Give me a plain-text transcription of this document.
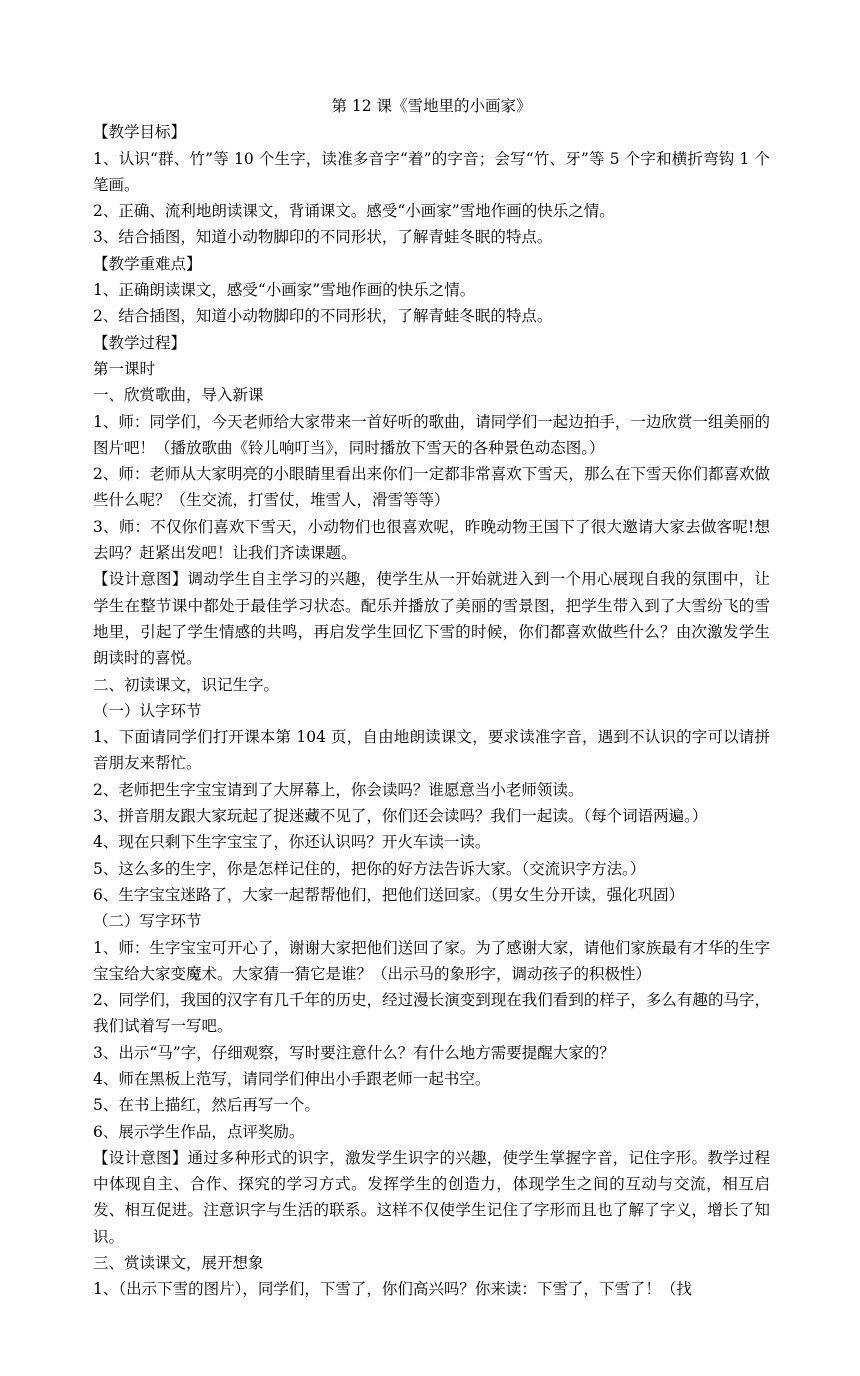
第 12 课《雪地里的小画家》

【教学目标】

1、认识“群、竹”等 10 个生字，读准多音字“着”的字音；会写“竹、牙”等 5 个字和横折弯钩 1 个笔画。

2、正确、流利地朗读课文，背诵课文。感受“小画家”雪地作画的快乐之情。

3、结合插图，知道小动物脚印的不同形状，了解青蛙冬眠的特点。

【教学重难点】

1、正确朗读课文，感受“小画家”雪地作画的快乐之情。

2、结合插图，知道小动物脚印的不同形状，了解青蛙冬眠的特点。

【教学过程】

第一课时

一、欣赏歌曲，导入新课

1、师：同学们，今天老师给大家带来一首好听的歌曲，请同学们一起边拍手，一边欣赏一组美丽的图片吧！（播放歌曲《铃儿响叮当》，同时播放下雪天的各种景色动态图。）

2、师：老师从大家明亮的小眼睛里看出来你们一定都非常喜欢下雪天，那么在下雪天你们都喜欢做些什么呢？（生交流，打雪仗，堆雪人，滑雪等等）

3、师：不仅你们喜欢下雪天，小动物们也很喜欢呢，昨晚动物王国下了很大邀请大家去做客呢!想去吗？赶紧出发吧！让我们齐读课题。

【设计意图】调动学生自主学习的兴趣，使学生从一开始就进入到一个用心展现自我的氛围中，让学生在整节课中都处于最佳学习状态。配乐并播放了美丽的雪景图，把学生带入到了大雪纷飞的雪地里，引起了学生情感的共鸣，再启发学生回忆下雪的时候，你们都喜欢做些什么？由次激发学生朗读时的喜悦。

二、初读课文，识记生字。

（一）认字环节

1、下面请同学们打开课本第 104 页，自由地朗读课文，要求读准字音，遇到不认识的字可以请拼音朋友来帮忙。

2、老师把生字宝宝请到了大屏幕上，你会读吗？谁愿意当小老师领读。

3、拼音朋友跟大家玩起了捉迷藏不见了，你们还会读吗？我们一起读。（每个词语两遍。）

4、现在只剩下生字宝宝了，你还认识吗？开火车读一读。

5、这么多的生字，你是怎样记住的，把你的好方法告诉大家。（交流识字方法。）

6、生字宝宝迷路了，大家一起帮帮他们，把他们送回家。（男女生分开读，强化巩固）

（二）写字环节

1、师：生字宝宝可开心了，谢谢大家把他们送回了家。为了感谢大家，请他们家族最有才华的生字宝宝给大家变魔术。大家猜一猜它是谁？（出示马的象形字，调动孩子的积极性）

2、同学们，我国的汉字有几千年的历史，经过漫长演变到现在我们看到的样子，多么有趣的马字，我们试着写一写吧。

3、出示“马”字，仔细观察，写时要注意什么？有什么地方需要提醒大家的？

4、师在黑板上范写，请同学们伸出小手跟老师一起书空。

5、在书上描红，然后再写一个。

6、展示学生作品，点评奖励。

【设计意图】通过多种形式的识字，激发学生识字的兴趣，使学生掌握字音，记住字形。教学过程中体现自主、合作、探究的学习方式。发挥学生的创造力，体现学生之间的互动与交流，相互启发、相互促进。注意识字与生活的联系。这样不仅使学生记住了字形而且也了解了字义，增长了知识。

三、赏读课文，展开想象

1、（出示下雪的图片），同学们，下雪了，你们高兴吗？你来读：下雪了，下雪了！（找
